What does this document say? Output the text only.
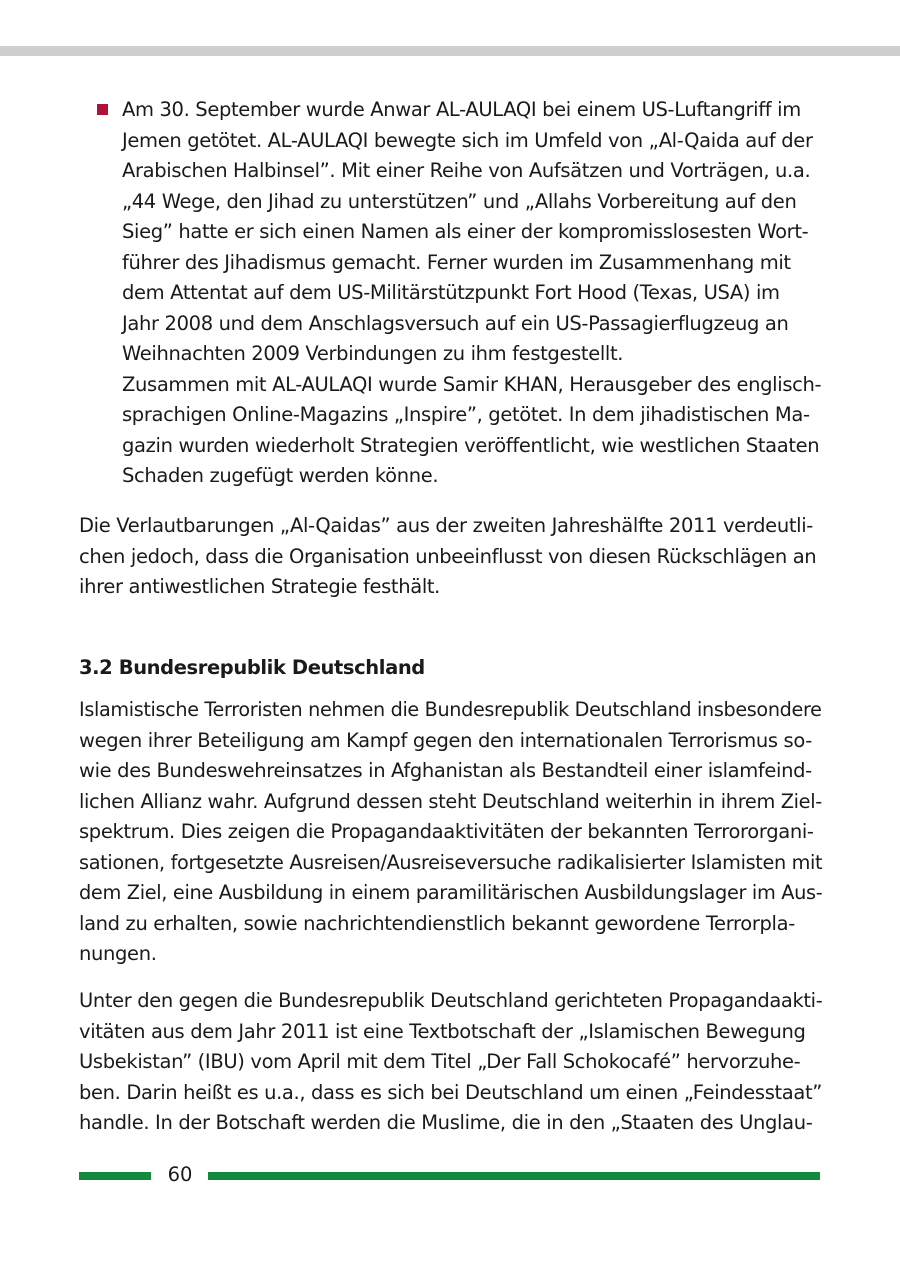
Am 30. September wurde Anwar AL-AULAQI bei einem US-Luftangriff im
Jemen getötet. AL-AULAQI bewegte sich im Umfeld von „Al-Qaida auf der
Arabischen Halbinsel”. Mit einer Reihe von Aufsätzen und Vorträgen, u.a.
„44 Wege, den Jihad zu unterstützen” und „Allahs Vorbereitung auf den
Sieg” hatte er sich einen Namen als einer der kompromisslosesten Wort-
führer des Jihadismus gemacht. Ferner wurden im Zusammenhang mit
dem Attentat auf dem US-Militärstützpunkt Fort Hood (Texas, USA) im
Jahr 2008 und dem Anschlagsversuch auf ein US-Passagierflugzeug an
Weihnachten 2009 Verbindungen zu ihm festgestellt.
Zusammen mit AL-AULAQI wurde Samir KHAN, Herausgeber des englisch-
sprachigen Online-Magazins „Inspire”, getötet. In dem jihadistischen Ma-
gazin wurden wiederholt Strategien veröffentlicht, wie westlichen Staaten
Schaden zugefügt werden könne.
Die Verlautbarungen „Al-Qaidas” aus der zweiten Jahreshälfte 2011 verdeutli-
chen jedoch, dass die Organisation unbeeinflusst von diesen Rückschlägen an
ihrer antiwestlichen Strategie festhält.
3.2 Bundesrepublik Deutschland
Islamistische Terroristen nehmen die Bundesrepublik Deutschland insbesondere
wegen ihrer Beteiligung am Kampf gegen den internationalen Terrorismus so-
wie des Bundeswehreinsatzes in Afghanistan als Bestandteil einer islamfeind-
lichen Allianz wahr. Aufgrund dessen steht Deutschland weiterhin in ihrem Ziel-
spektrum. Dies zeigen die Propagandaaktivitäten der bekannten Terrororgani-
sationen, fortgesetzte Ausreisen/Ausreiseversuche radikalisierter Islamisten mit
dem Ziel, eine Ausbildung in einem paramilitärischen Ausbildungslager im Aus-
land zu erhalten, sowie nachrichtendienstlich bekannt gewordene Terrorpla-
nungen.
Unter den gegen die Bundesrepublik Deutschland gerichteten Propagandaakti-
vitäten aus dem Jahr 2011 ist eine Textbotschaft der „Islamischen Bewegung
Usbekistan” (IBU) vom April mit dem Titel „Der Fall Schokocafé” hervorzuhe-
ben. Darin heißt es u.a., dass es sich bei Deutschland um einen „Feindesstaat”
handle. In der Botschaft werden die Muslime, die in den „Staaten des Unglau-
60
